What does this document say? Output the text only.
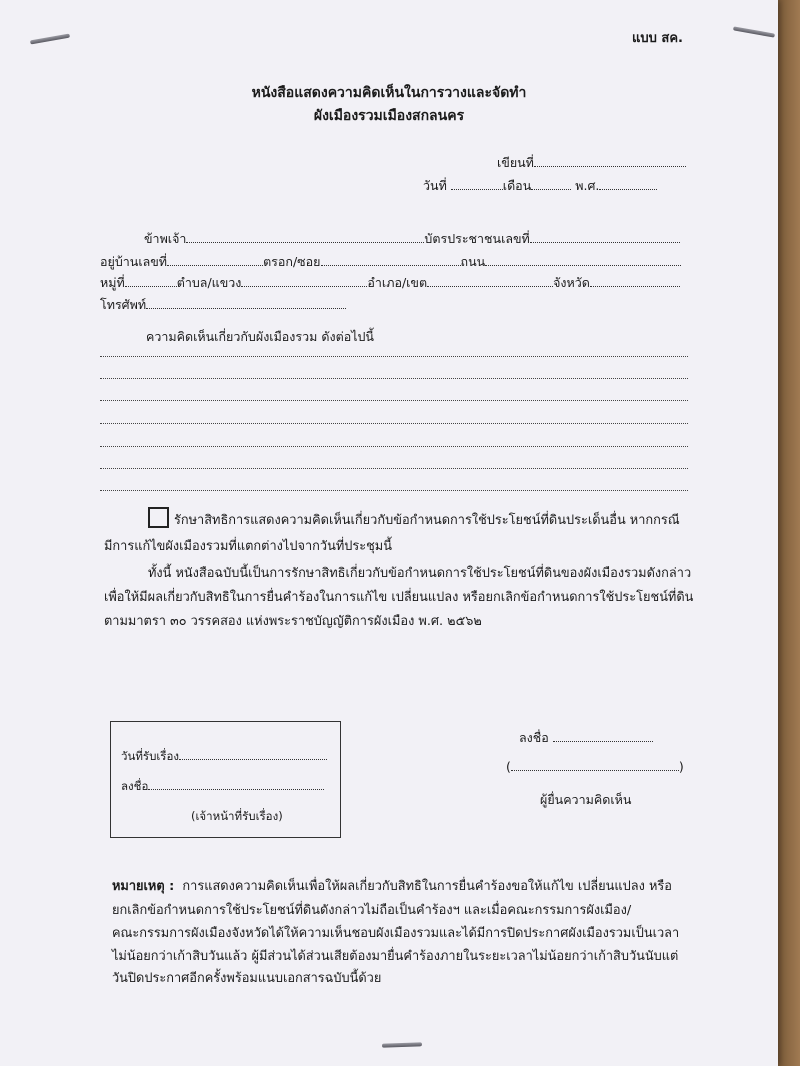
แบบ สค.
หนังสือแสดงความคิดเห็นในการวางและจัดทำ
ผังเมืองรวมเมืองสกลนคร
เขียนที่
วันที่	เดือน	พ.ศ.
ข้าพเจ้า	บัตรประชาชนเลขที่
อยู่บ้านเลขที่	ตรอก/ซอย	ถนน
หมู่ที่	ตำบล/แขวง	อำเภอ/เขต	จังหวัด
โทรศัพท์
ความคิดเห็นเกี่ยวกับผังเมืองรวม ดังต่อไปนี้
รักษาสิทธิการแสดงความคิดเห็นเกี่ยวกับข้อกำหนดการใช้ประโยชน์ที่ดินประเด็นอื่น หากกรณี
มีการแก้ไขผังเมืองรวมที่แตกต่างไปจากวันที่ประชุมนี้
ทั้งนี้ หนังสือฉบับนี้เป็นการรักษาสิทธิเกี่ยวกับข้อกำหนดการใช้ประโยชน์ที่ดินของผังเมืองรวมดังกล่าว
เพื่อให้มีผลเกี่ยวกับสิทธิในการยื่นคำร้องในการแก้ไข เปลี่ยนแปลง หรือยกเลิกข้อกำหนดการใช้ประโยชน์ที่ดิน
ตามมาตรา ๓๐ วรรคสอง แห่งพระราชบัญญัติการผังเมือง พ.ศ. ๒๕๖๒
วันที่รับเรื่อง
ลงชื่อ
(เจ้าหน้าที่รับเรื่อง)
ลงชื่อ
(	)
ผู้ยื่นความคิดเห็น
หมายเหตุ : การแสดงความคิดเห็นเพื่อให้ผลเกี่ยวกับสิทธิในการยื่นคำร้องขอให้แก้ไข เปลี่ยนแปลง หรือ
ยกเลิกข้อกำหนดการใช้ประโยชน์ที่ดินดังกล่าวไม่ถือเป็นคำร้องฯ และเมื่อคณะกรรมการผังเมือง/
คณะกรรมการผังเมืองจังหวัดได้ให้ความเห็นชอบผังเมืองรวมและได้มีการปิดประกาศผังเมืองรวมเป็นเวลา
ไม่น้อยกว่าเก้าสิบวันแล้ว ผู้มีส่วนได้ส่วนเสียต้องมายื่นคำร้องภายในระยะเวลาไม่น้อยกว่าเก้าสิบวันนับแต่
วันปิดประกาศอีกครั้งพร้อมแนบเอกสารฉบับนี้ด้วย
